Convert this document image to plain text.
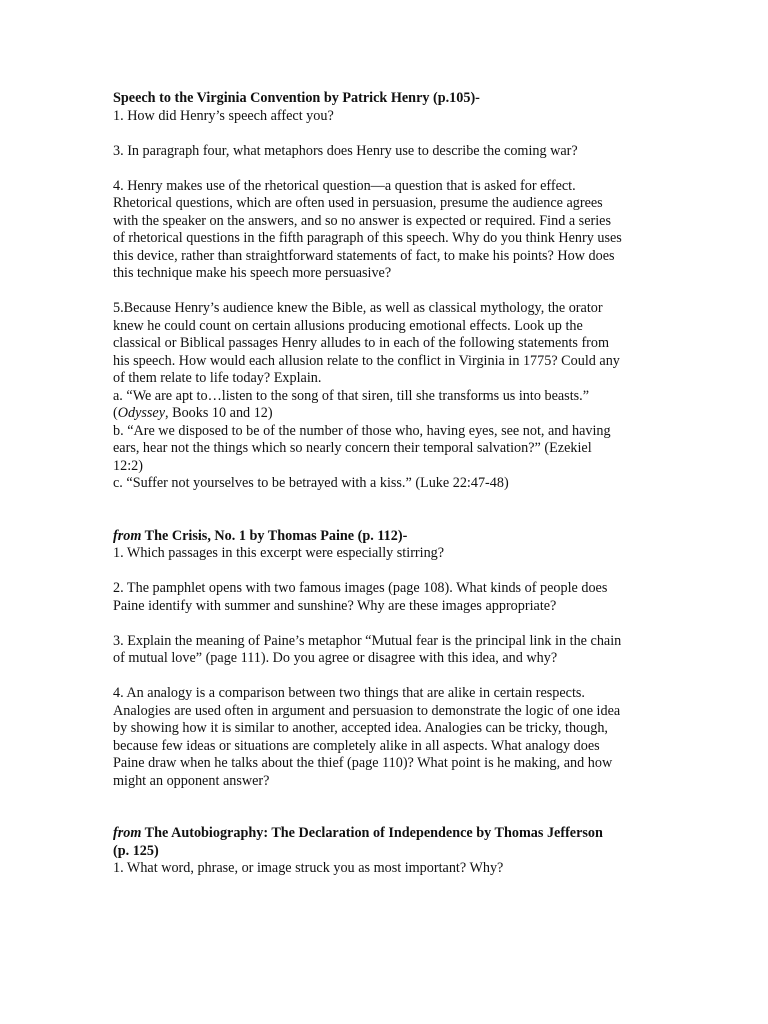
Speech to the Virginia Convention by Patrick Henry (p.105)-

1. How did Henry’s speech affect you?

3. In paragraph four, what metaphors does Henry use to describe the coming war?

4. Henry makes use of the rhetorical question—a question that is asked for effect.

Rhetorical questions, which are often used in persuasion, presume the audience agrees

with the speaker on the answers, and so no answer is expected or required. Find a series

of rhetorical questions in the fifth paragraph of this speech. Why do you think Henry uses

this device, rather than straightforward statements of fact, to make his points? How does

this technique make his speech more persuasive?

5.Because Henry’s audience knew the Bible, as well as classical mythology, the orator

knew he could count on certain allusions producing emotional effects. Look up the

classical or Biblical passages Henry alludes to in each of the following statements from

his speech. How would each allusion relate to the conflict in Virginia in 1775? Could any

of them relate to life today? Explain.

a. “We are apt to…listen to the song of that siren, till she transforms us into beasts.”

(Odyssey, Books 10 and 12)

b. “Are we disposed to be of the number of those who, having eyes, see not, and having

ears, hear not the things which so nearly concern their temporal salvation?” (Ezekiel

12:2)

c. “Suffer not yourselves to be betrayed with a kiss.” (Luke 22:47-48)

from The Crisis, No. 1 by Thomas Paine (p. 112)-

1. Which passages in this excerpt were especially stirring?

2. The pamphlet opens with two famous images (page 108). What kinds of people does

Paine identify with summer and sunshine? Why are these images appropriate?

3. Explain the meaning of Paine’s metaphor “Mutual fear is the principal link in the chain

of mutual love” (page 111). Do you agree or disagree with this idea, and why?

4. An analogy is a comparison between two things that are alike in certain respects.

Analogies are used often in argument and persuasion to demonstrate the logic of one idea

by showing how it is similar to another, accepted idea. Analogies can be tricky, though,

because few ideas or situations are completely alike in all aspects. What analogy does

Paine draw when he talks about the thief (page 110)? What point is he making, and how

might an opponent answer?

from The Autobiography: The Declaration of Independence by Thomas Jefferson

(p. 125)

1. What word, phrase, or image struck you as most important? Why?
